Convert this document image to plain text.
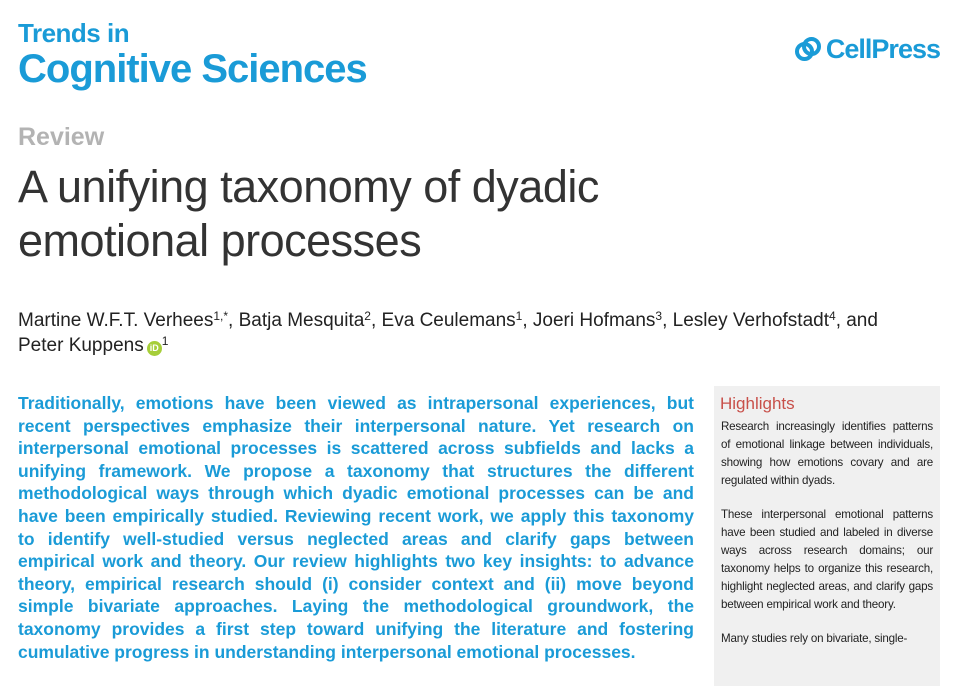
Trends in
Cognitive Sciences	CellPress
Review
A unifying taxonomy of dyadic
emotional processes
Martine W.F.T. Verhees$^{1,*}$, Batja Mesquita$^2$, Eva Ceulemans$^1$, Joeri Hofmans$^3$, Lesley Verhofstadt$^4$, and
Peter Kuppens iD $^1$
Traditionally, emotions have been viewed as intrapersonal experiences, but recent perspectives emphasize their interpersonal nature. Yet research on interpersonal emotional processes is scattered across subfields and lacks a unifying framework. We propose a taxonomy that structures the different methodological ways through which dyadic emotional processes can be and have been empirically studied. Reviewing recent work, we apply this taxonomy to identify well-studied versus neglected areas and clarify gaps between empirical work and theory. Our review highlights two key insights: to advance theory, empirical research should (i) consider context and (ii) move beyond simple bivariate approaches. Laying the methodological groundwork, the taxonomy provides a first step toward unifying the literature and fostering cumulative progress in understanding interpersonal emotional processes.
Highlights

Research increasingly identifies patterns of emotional linkage between individuals, showing how emotions covary and are regulated within dyads.

These interpersonal emotional patterns have been studied and labeled in diverse ways across research domains; our taxonomy helps to organize this research, highlight neglected areas, and clarify gaps between empirical work and theory.

Many studies rely on bivariate, single-
